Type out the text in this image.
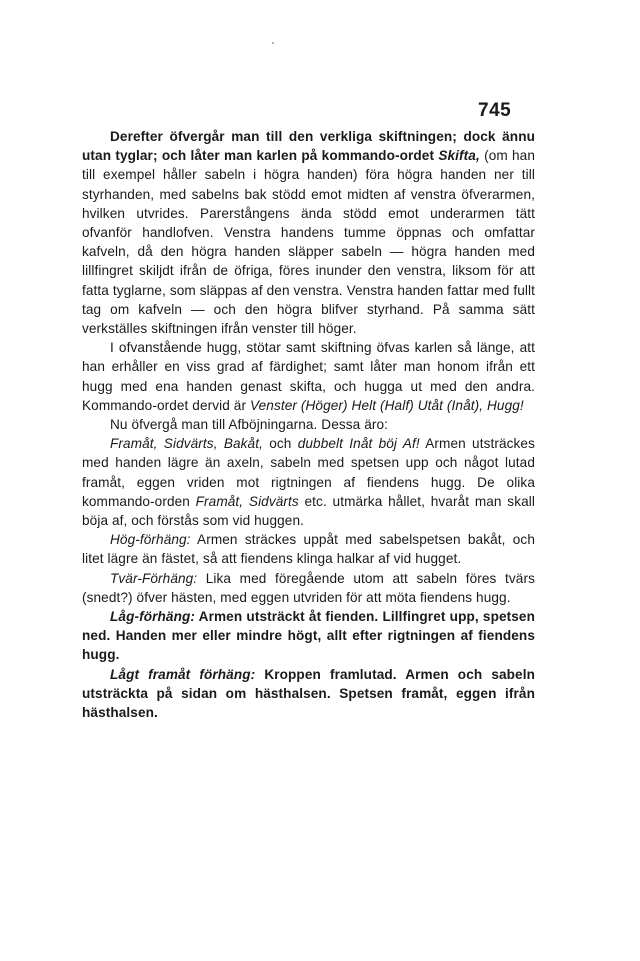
745

Derefter öfvergår man till den verkliga skiftningen; dock ännu utan tyglar; och låter man karlen på kommando-ordet Skifta, (om han till exempel håller sabeln i högra handen) föra högra handen ner till styrhanden, med sabelns bak stödd emot midten af venstra öfverarmen, hvilken utvrides. Parerstångens ända stödd emot underarmen tätt ofvanför handlofven. Venstra handens tumme öppnas och omfattar kafveln, då den högra handen släpper sabeln — högra handen med lillfingret skiljdt ifrån de öfriga, föres inunder den venstra, liksom för att fatta tyglarne, som släppas af den venstra. Venstra handen fattar med fullt tag om kafveln — och den högra blifver styrhand. På samma sätt verkställes skiftningen ifrån venster till höger.

I ofvanstående hugg, stötar samt skiftning öfvas karlen så länge, att han erhåller en viss grad af färdighet; samt låter man honom ifrån ett hugg med ena handen genast skifta, och hugga ut med den andra. Kommando-ordet dervid är Venster (Höger) Helt (Half) Utåt (Inåt), Hugg!

Nu öfvergå man till Afböjningarna. Dessa äro:

Framåt, Sidvärts, Bakåt, och dubbelt Inåt böj Af! Armen utsträckes med handen lägre än axeln, sabeln med spetsen upp och något lutad framåt, eggen vriden mot rigtningen af fiendens hugg. De olika kommando-orden Framåt, Sidvärts etc. utmärka hållet, hvaråt man skall böja af, och förstås som vid huggen.

Hög-förhäng: Armen sträckes uppåt med sabelspetsen bakåt, och litet lägre än fästet, så att fiendens klinga halkar af vid hugget.

Tvär-Förhäng: Lika med föregående utom att sabeln föres tvärs (snedt?) öfver hästen, med eggen utvriden för att möta fiendens hugg.

Låg-förhäng: Armen utsträckt åt fienden. Lillfingret upp, spetsen ned. Handen mer eller mindre högt, allt efter rigtningen af fiendens hugg.

Lågt framåt förhäng: Kroppen framlutad. Armen och sabeln utsträckta på sidan om hästhalsen. Spetsen framåt, eggen ifrån hästhalsen.
